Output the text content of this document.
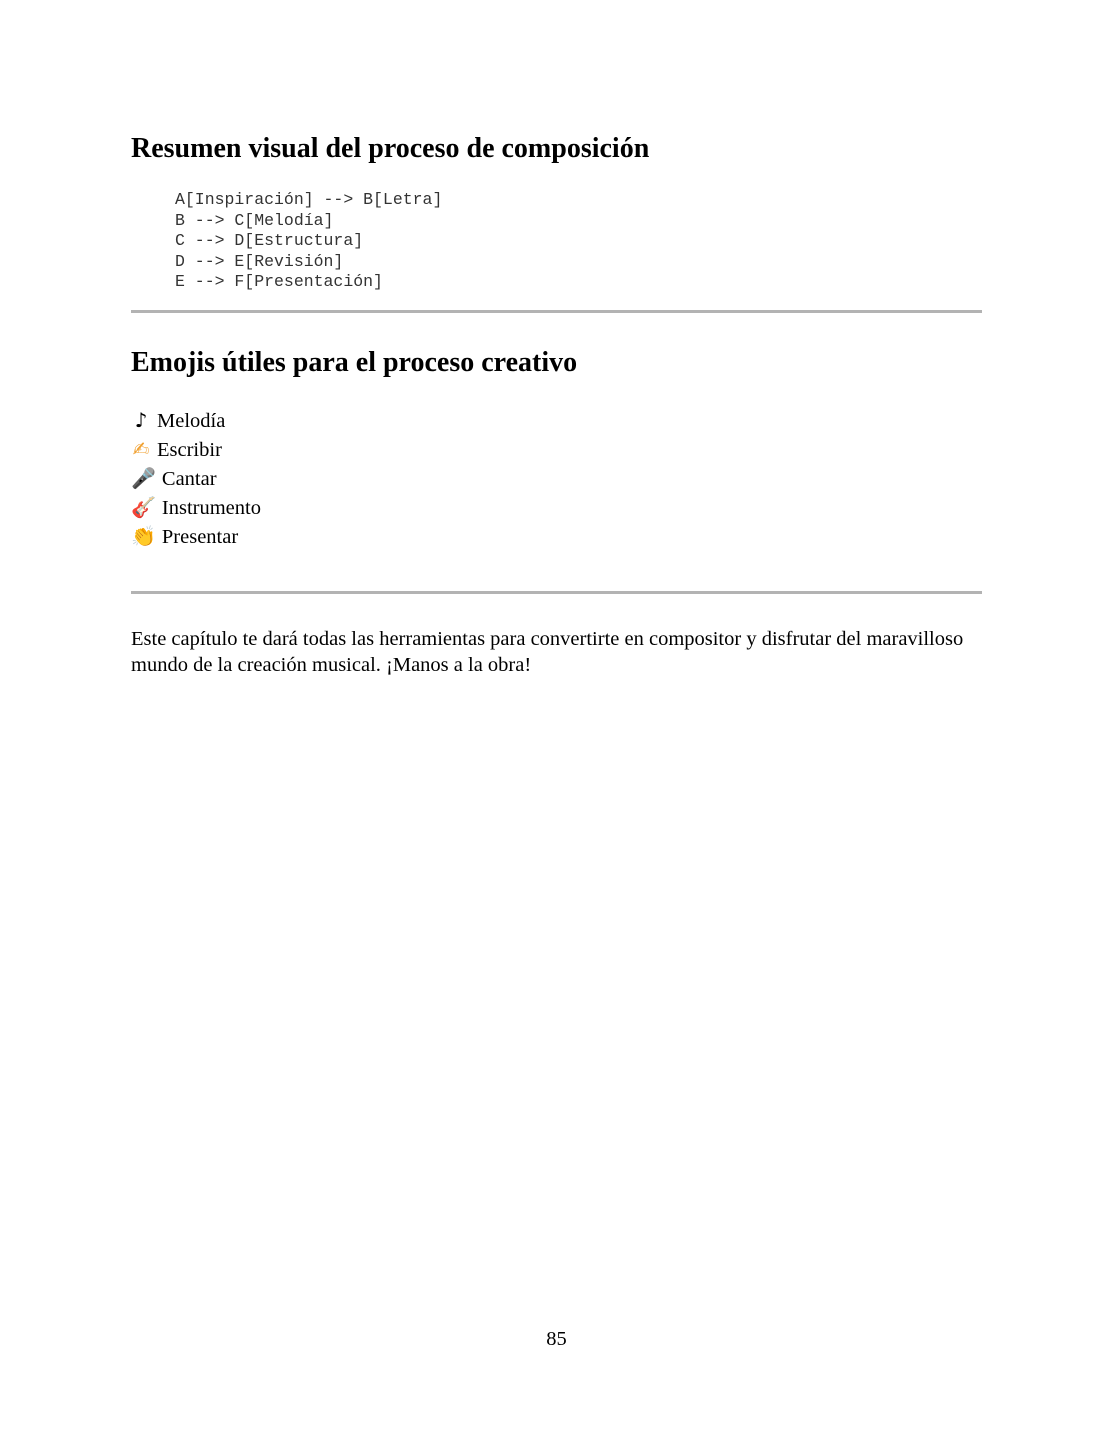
Resumen visual del proceso de composición
A[Inspiración] --> B[Letra]
B --> C[Melodía]
C --> D[Estructura]
D --> E[Revisión]
E --> F[Presentación]
Emojis útiles para el proceso creativo
♪ Melodía
✍ Escribir
🎤 Cantar
🎸 Instrumento
👏 Presentar

Este capítulo te dará todas las herramientas para convertirte en compositor y disfrutar del maravilloso mundo de la creación musical. ¡Manos a la obra!

85
